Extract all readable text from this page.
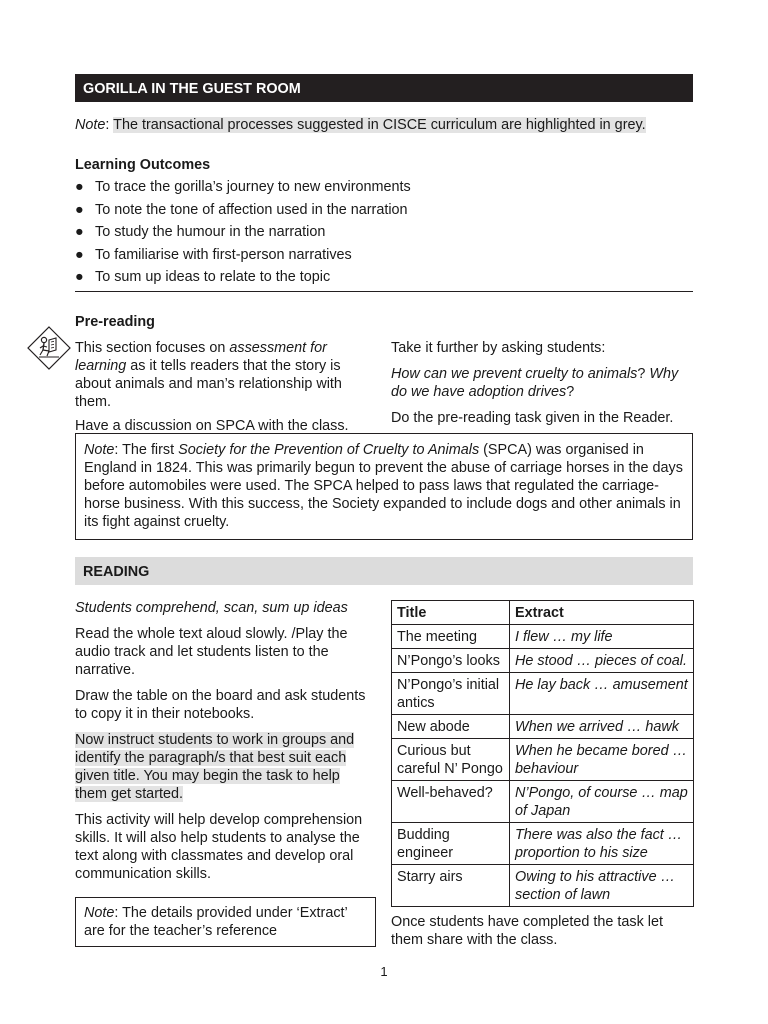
GORILLA IN THE GUEST ROOM

Note: The transactional processes suggested in CISCE curriculum are highlighted in grey.

Learning Outcomes
● To trace the gorilla’s journey to new environments
● To note the tone of affection used in the narration
● To study the humour in the narration
● To familiarise with first-person narratives
● To sum up ideas to relate to the topic
Pre-reading

This section focuses on assessment for learning as it tells readers that the story is about animals and man’s relationship with them.

Have a discussion on SPCA with the class.

Take it further by asking students:

How can we prevent cruelty to animals? Why do we have adoption drives?

Do the pre-reading task given in the Reader.

Note: The first Society for the Prevention of Cruelty to Animals (SPCA) was organised in England in 1824. This was primarily begun to prevent the abuse of carriage horses in the days before automobiles were used. The SPCA helped to pass laws that regulated the carriage-horse business. With this success, the Society expanded to include dogs and other animals in its fight against cruelty.

READING

Students comprehend, scan, sum up ideas

Read the whole text aloud slowly. /Play the audio track and let students listen to the narrative.

Draw the table on the board and ask students to copy it in their notebooks.

Now instruct students to work in groups and identify the paragraph/s that best suit each given title. You may begin the task to help them get started.

This activity will help develop comprehension skills. It will also help students to analyse the text along with classmates and develop oral communication skills.

Note: The details provided under ‘Extract’ are for the teacher’s reference

Title	Extract
The meeting	I flew … my life
N’Pongo’s looks	He stood … pieces of coal.
N’Pongo’s initial antics	He lay back … amusement
New abode	When we arrived … hawk
Curious but careful N’ Pongo	When he became bored … behaviour
Well-behaved?	N’Pongo, of course … map of Japan
Budding engineer	There was also the fact … proportion to his size
Starry airs	Owing to his attractive … section of lawn

Once students have completed the task let them share with the class.

1
